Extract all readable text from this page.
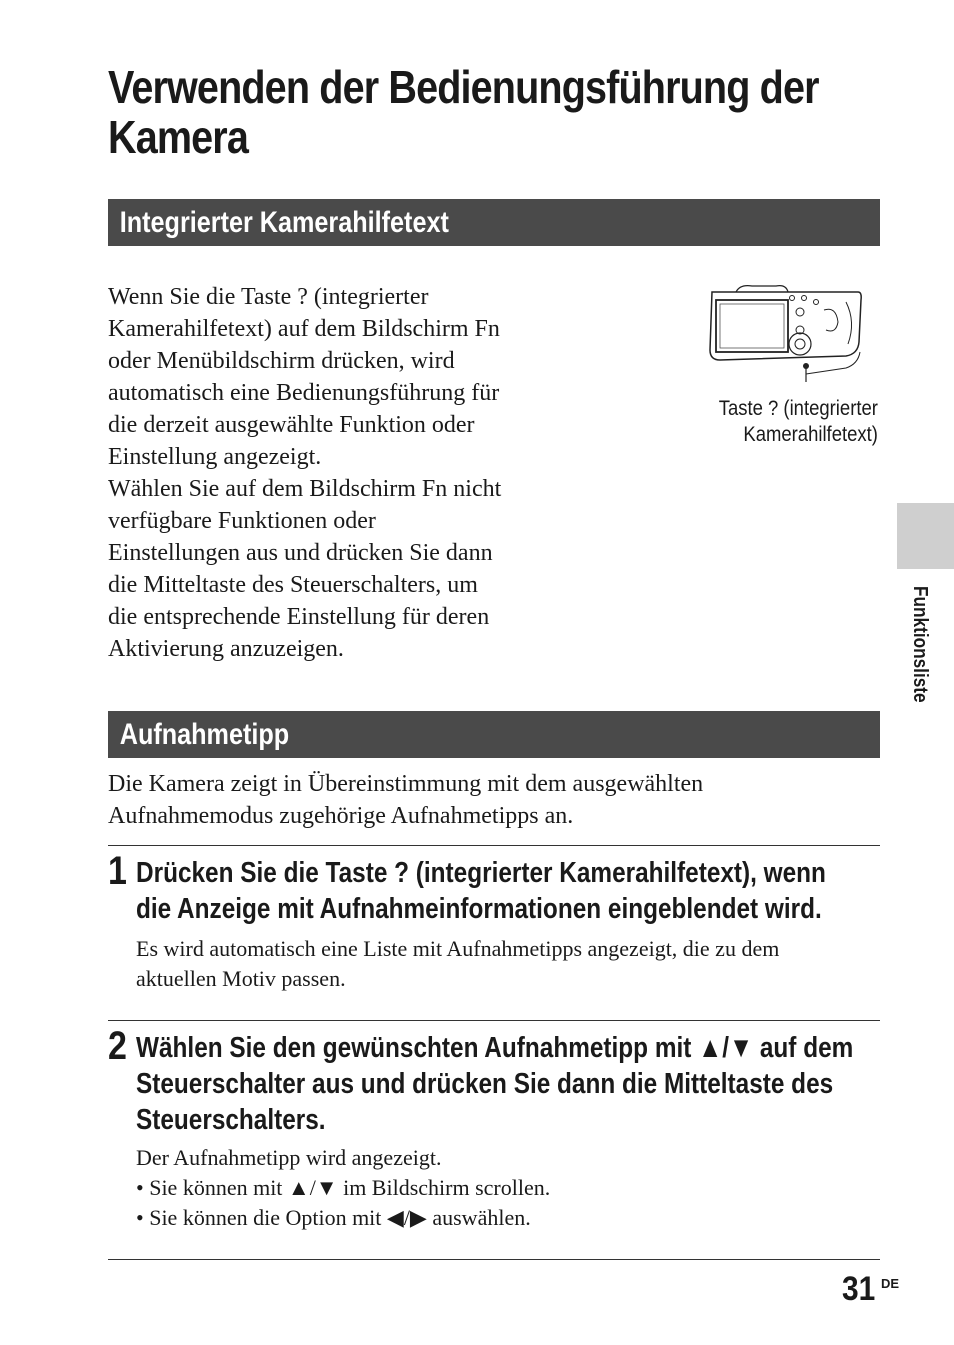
Verwenden der Bedienungsführung der
Kamera
Integrierter Kamerahilfetext
Wenn Sie die Taste ? (integrierter
Kamerahilfetext) auf dem Bildschirm Fn
oder Menübildschirm drücken, wird
automatisch eine Bedienungsführung für
die derzeit ausgewählte Funktion oder
Einstellung angezeigt.
Wählen Sie auf dem Bildschirm Fn nicht
verfügbare Funktionen oder
Einstellungen aus und drücken Sie dann
die Mitteltaste des Steuerschalters, um
die entsprechende Einstellung für deren
Aktivierung anzuzeigen.
Taste ? (integrierter
Kamerahilfetext)
Aufnahmetipp
Die Kamera zeigt in Übereinstimmung mit dem ausgewählten
Aufnahmemodus zugehörige Aufnahmetipps an.
1 Drücken Sie die Taste ? (integrierter Kamerahilfetext), wenn
die Anzeige mit Aufnahmeinformationen eingeblendet wird.
Es wird automatisch eine Liste mit Aufnahmetipps angezeigt, die zu dem
aktuellen Motiv passen.
2 Wählen Sie den gewünschten Aufnahmetipp mit ▲/▼ auf dem
Steuerschalter aus und drücken Sie dann die Mitteltaste des
Steuerschalters.
Der Aufnahmetipp wird angezeigt.
• Sie können mit ▲/▼ im Bildschirm scrollen.
• Sie können die Option mit ◀/▶ auswählen.
Funktionsliste
31 DE
